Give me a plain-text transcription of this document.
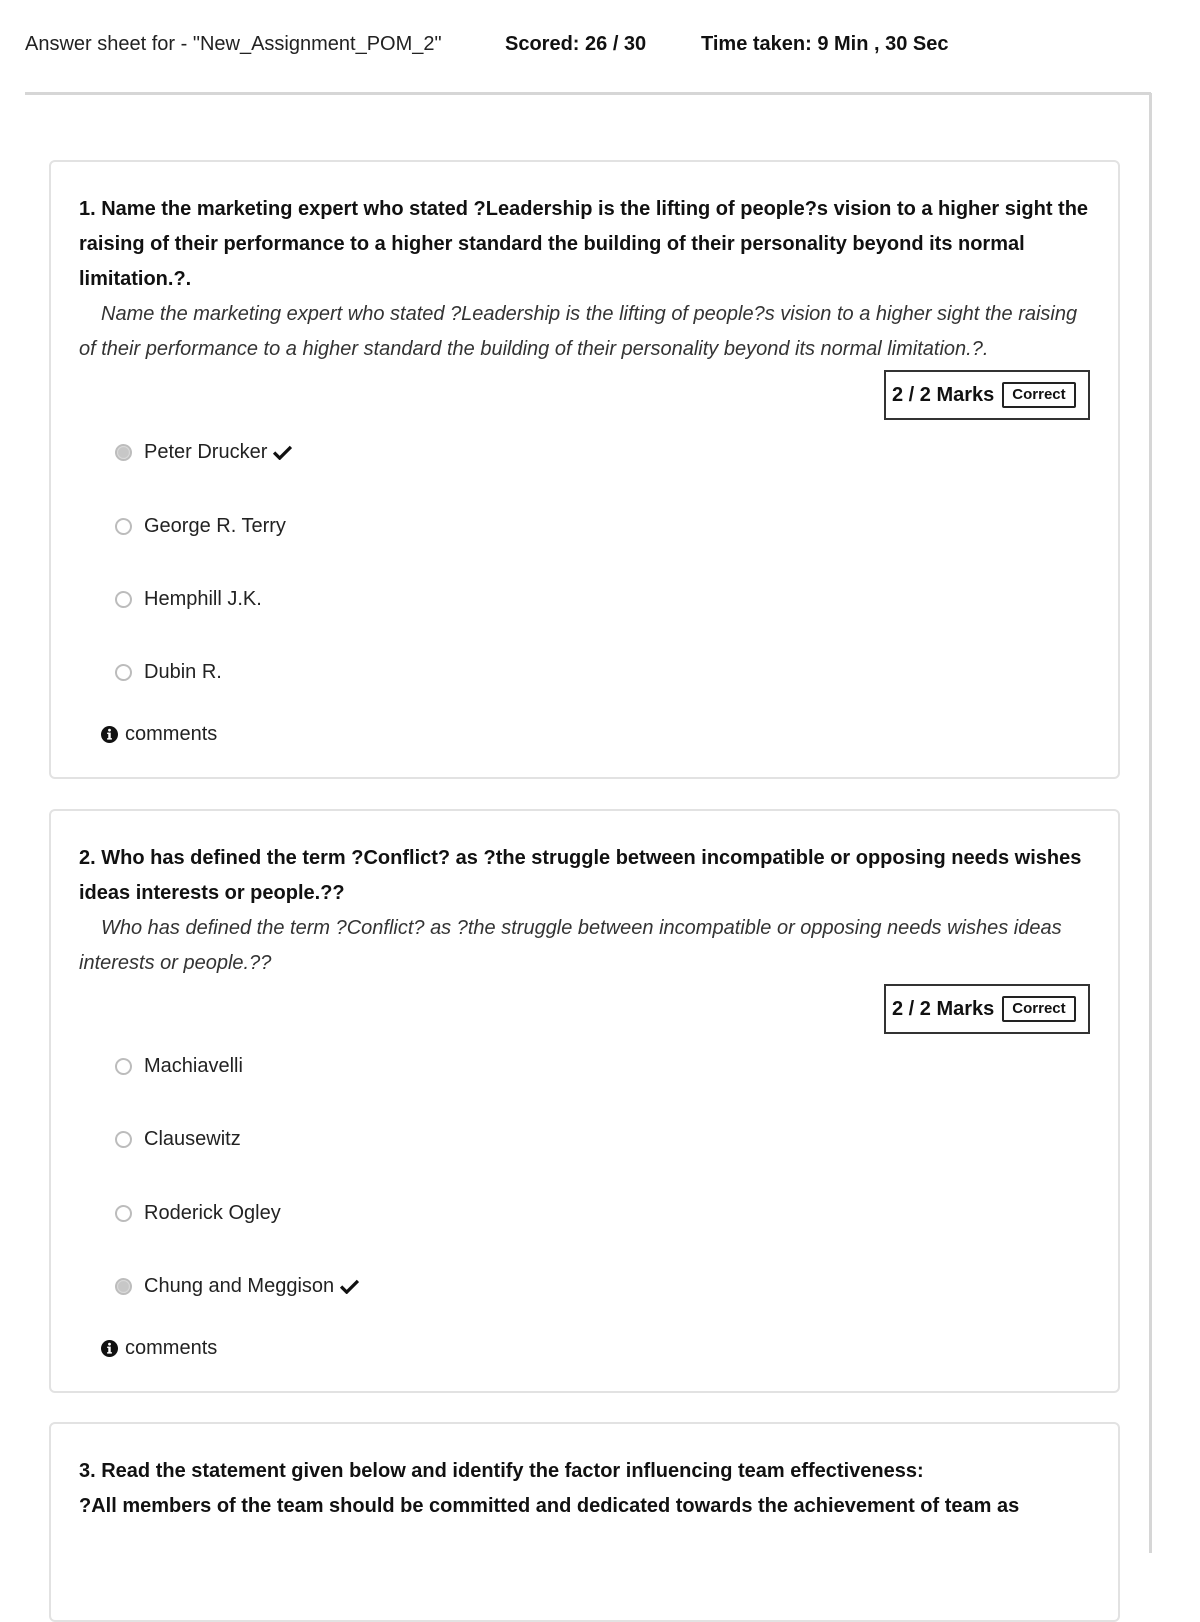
Answer sheet for - "New_Assignment_POM_2"	Scored: 26 / 30	Time taken: 9 Min , 30 Sec
1. Name the marketing expert who stated ?Leadership is the lifting of people?s vision to a higher sight the raising of their performance to a higher standard the building of their personality beyond its normal limitation.?.
Name the marketing expert who stated ?Leadership is the lifting of people?s vision to a higher sight the raising of their performance to a higher standard the building of their personality beyond its normal limitation.?.
2 / 2 Marks	Correct
Peter Drucker
George R. Terry
Hemphill J.K.
Dubin R.
comments
2. Who has defined the term ?Conflict? as ?the struggle between incompatible or opposing needs wishes ideas interests or people.??
Who has defined the term ?Conflict? as ?the struggle between incompatible or opposing needs wishes ideas interests or people.??
2 / 2 Marks	Correct
Machiavelli
Clausewitz
Roderick Ogley
Chung and Meggison
comments
3. Read the statement given below and identify the factor influencing team effectiveness:
?All members of the team should be committed and dedicated towards the achievement of team as
